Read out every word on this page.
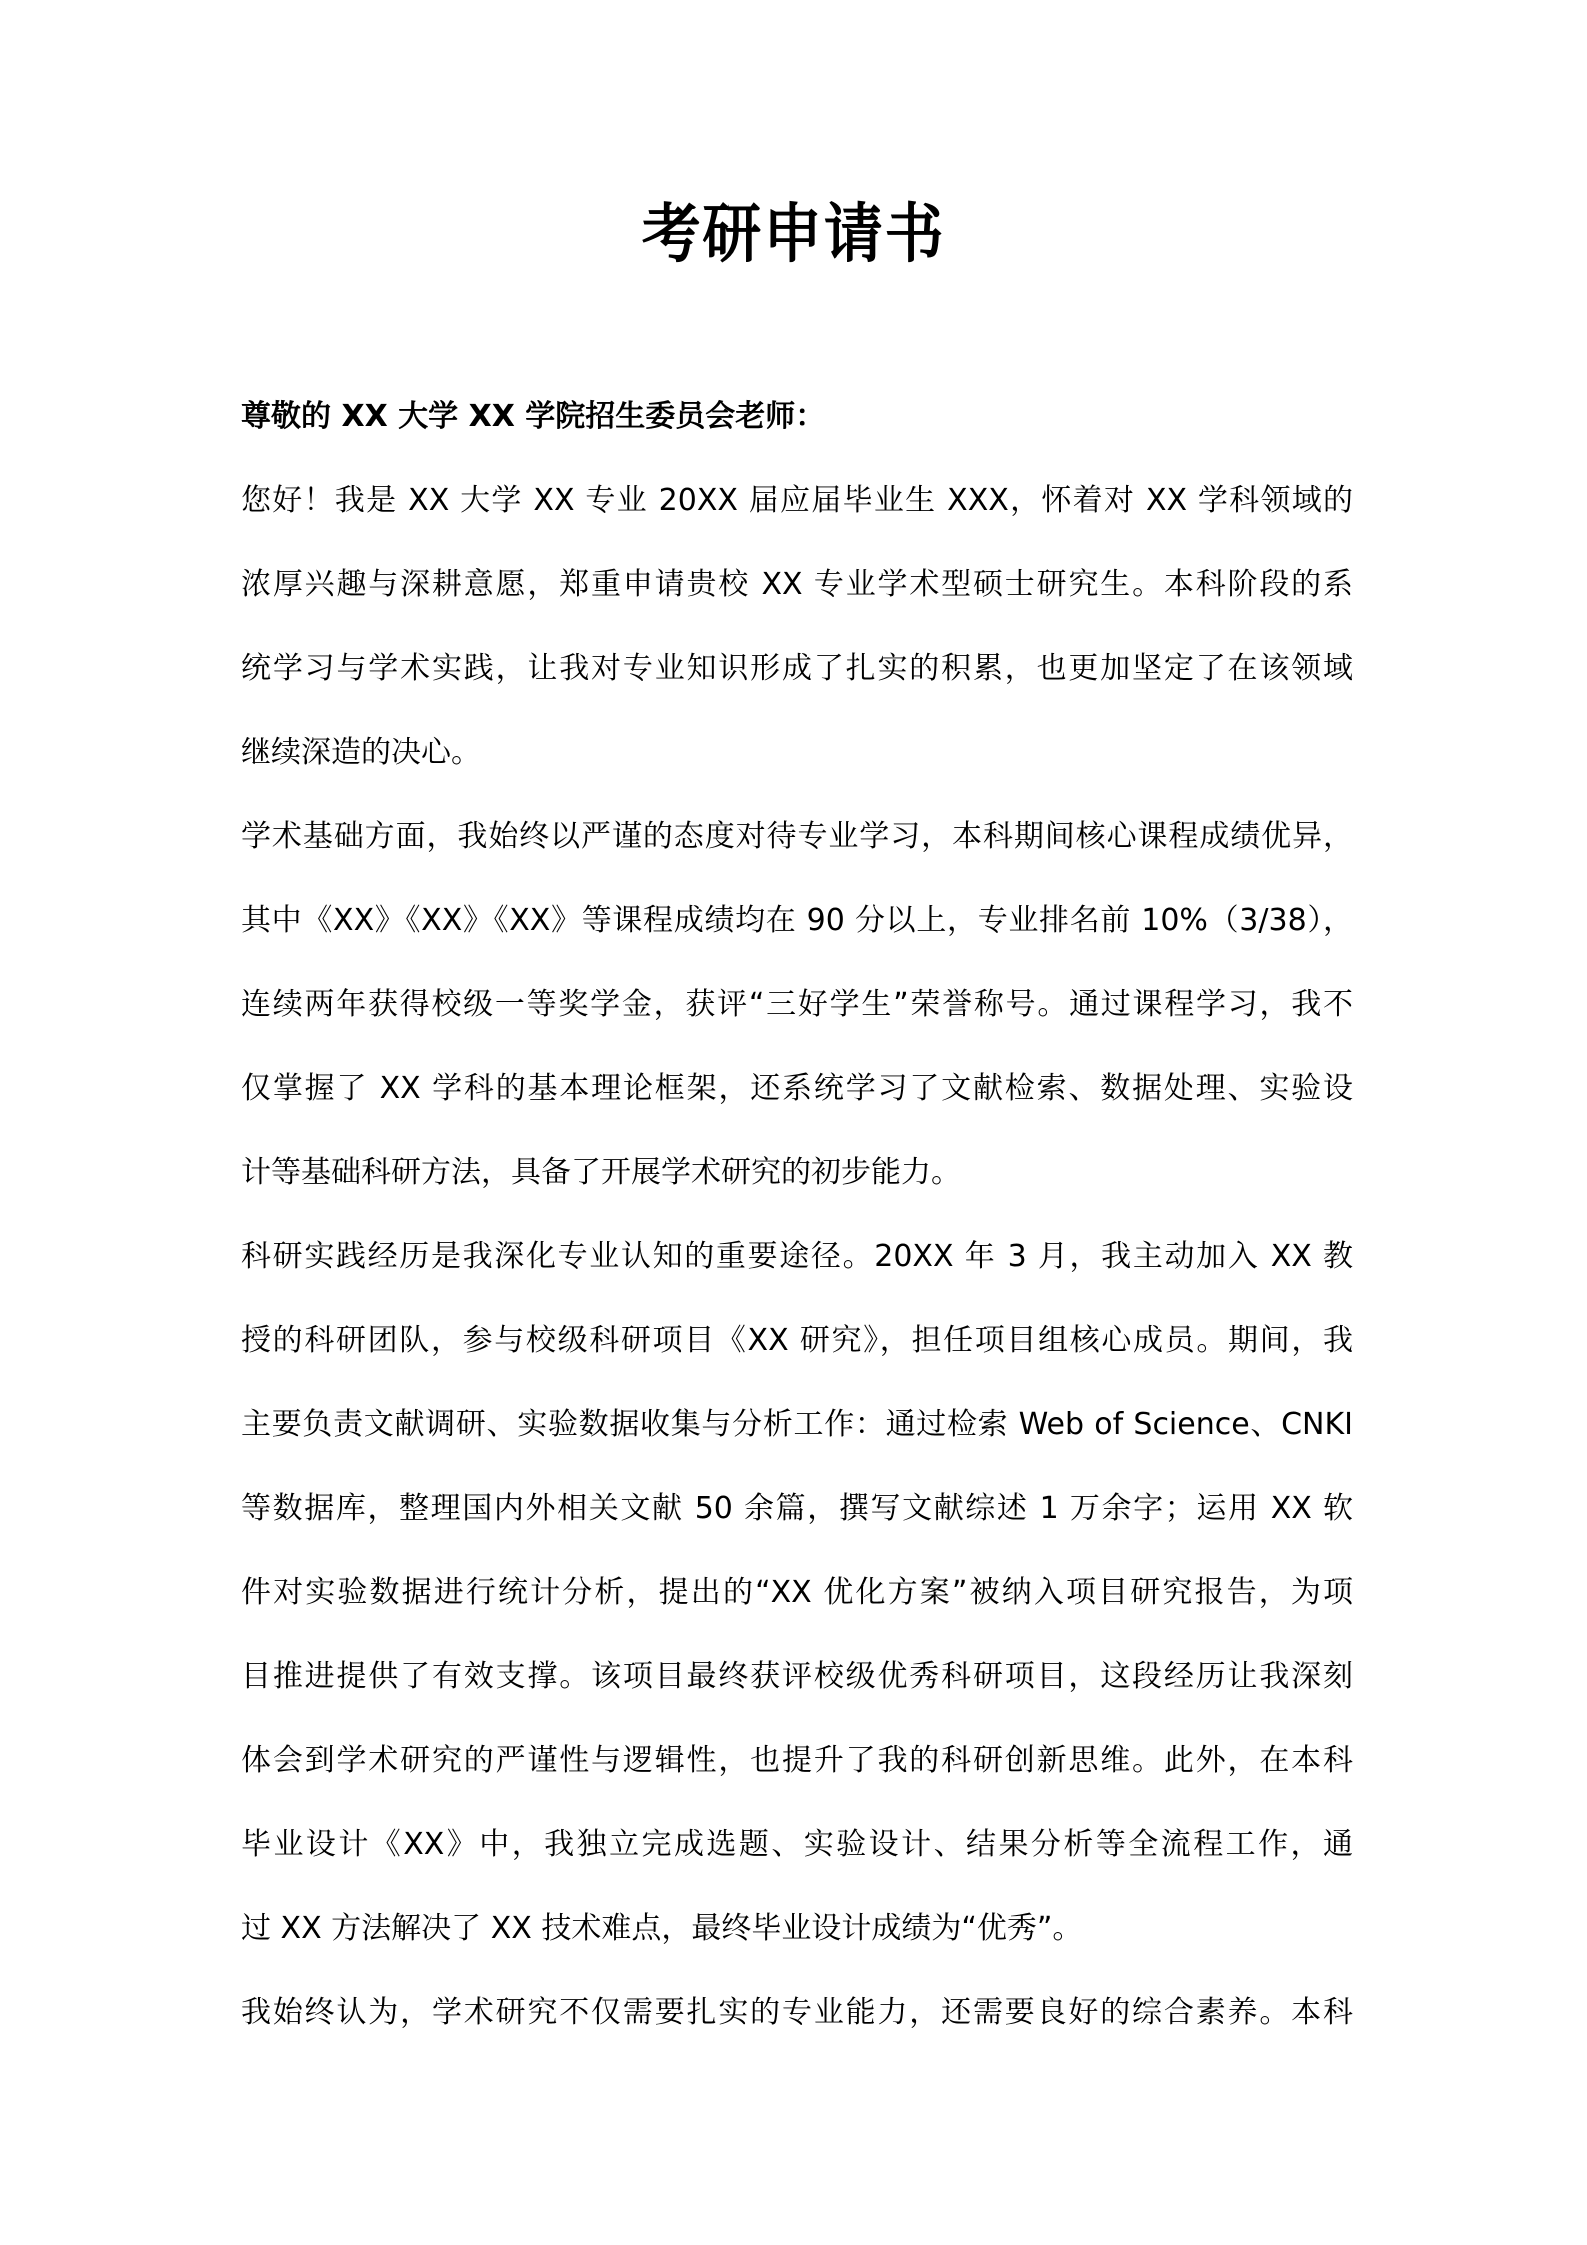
考研申请书
尊敬的 XX 大学 XX 学院招生委员会老师：
您好！我是 XX 大学 XX 专业 20XX 届应届毕业生 XXX，怀着对 XX 学科领域的
浓厚兴趣与深耕意愿，郑重申请贵校 XX 专业学术型硕士研究生。本科阶段的系
统学习与学术实践，让我对专业知识形成了扎实的积累，也更加坚定了在该领域
继续深造的决心。
学术基础方面，我始终以严谨的态度对待专业学习，本科期间核心课程成绩优异，
其中《XX》《XX》《XX》等课程成绩均在 90 分以上，专业排名前 10%（3/38），
连续两年获得校级一等奖学金，获评“三好学生”荣誉称号。通过课程学习，我不
仅掌握了 XX 学科的基本理论框架，还系统学习了文献检索、数据处理、实验设
计等基础科研方法，具备了开展学术研究的初步能力。
科研实践经历是我深化专业认知的重要途径。20XX 年 3 月，我主动加入 XX 教
授的科研团队，参与校级科研项目《XX 研究》，担任项目组核心成员。期间，我
主要负责文献调研、实验数据收集与分析工作：通过检索 Web of Science、CNKI
等数据库，整理国内外相关文献 50 余篇，撰写文献综述 1 万余字；运用 XX 软
件对实验数据进行统计分析，提出的“XX 优化方案”被纳入项目研究报告，为项
目推进提供了有效支撑。该项目最终获评校级优秀科研项目，这段经历让我深刻
体会到学术研究的严谨性与逻辑性，也提升了我的科研创新思维。此外，在本科
毕业设计《XX》中，我独立完成选题、实验设计、结果分析等全流程工作，通
过 XX 方法解决了 XX 技术难点，最终毕业设计成绩为“优秀”。
我始终认为，学术研究不仅需要扎实的专业能力，还需要良好的综合素养。本科
